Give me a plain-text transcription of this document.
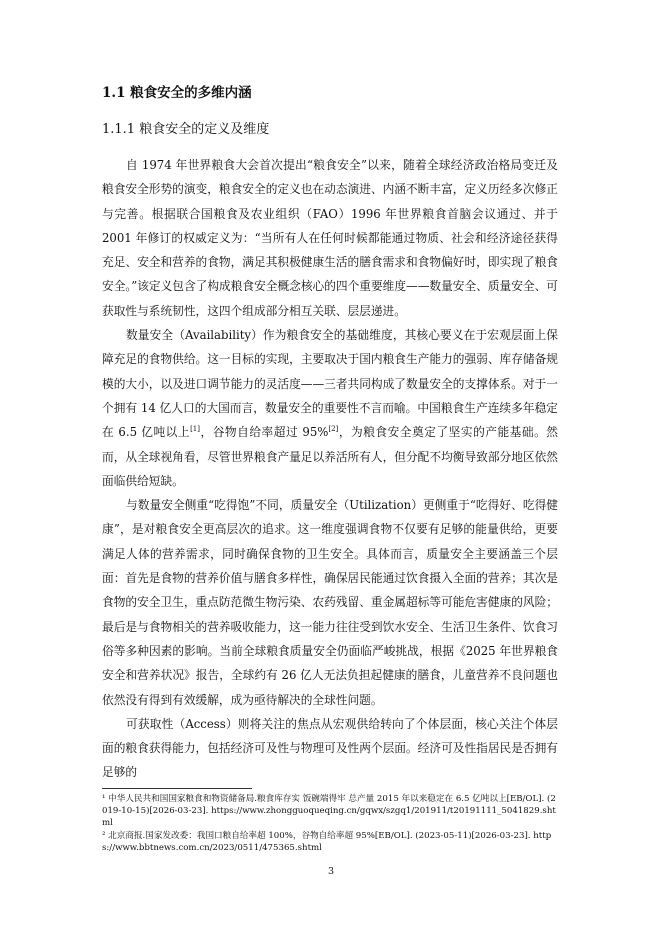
1.1 粮食安全的多维内涵
1.1.1 粮食安全的定义及维度

自 1974 年世界粮食大会首次提出“粮食安全”以来，随着全球经济政治格局变迁及粮食安全形势的演变，粮食安全的定义也在动态演进、内涵不断丰富，定义历经多次修正与完善。根据联合国粮食及农业组织（FAO）1996 年世界粮食首脑会议通过、并于 2001 年修订的权威定义为：“当所有人在任何时候都能通过物质、社会和经济途径获得充足、安全和营养的食物，满足其积极健康生活的膳食需求和食物偏好时，即实现了粮食安全。”该定义包含了构成粮食安全概念核心的四个重要维度——数量安全、质量安全、可获取性与系统韧性，这四个组成部分相互关联、层层递进。

数量安全（Availability）作为粮食安全的基础维度，其核心要义在于宏观层面上保障充足的食物供给。这一目标的实现，主要取决于国内粮食生产能力的强弱、库存储备规模的大小，以及进口调节能力的灵活度——三者共同构成了数量安全的支撑体系。对于一个拥有 14 亿人口的大国而言，数量安全的重要性不言而喻。中国粮食生产连续多年稳定在 6.5 亿吨以上[1]，谷物自给率超过 95%[2]，为粮食安全奠定了坚实的产能基础。然而，从全球视角看，尽管世界粮食产量足以养活所有人，但分配不均衡导致部分地区依然面临供给短缺。

与数量安全侧重“吃得饱”不同，质量安全（Utilization）更侧重于“吃得好、吃得健康”，是对粮食安全更高层次的追求。这一维度强调食物不仅要有足够的能量供给，更要满足人体的营养需求，同时确保食物的卫生安全。具体而言，质量安全主要涵盖三个层面：首先是食物的营养价值与膳食多样性，确保居民能通过饮食摄入全面的营养；其次是食物的安全卫生，重点防范微生物污染、农药残留、重金属超标等可能危害健康的风险；最后是与食物相关的营养吸收能力，这一能力往往受到饮水安全、生活卫生条件、饮食习俗等多种因素的影响。当前全球粮食质量安全仍面临严峻挑战，根据《2025 年世界粮食安全和营养状况》报告，全球约有 26 亿人无法负担起健康的膳食，儿童营养不良问题也依然没有得到有效缓解，成为亟待解决的全球性问题。

可获取性（Access）则将关注的焦点从宏观供给转向了个体层面，核心关注个体层面的粮食获得能力，包括经济可及性与物理可及性两个层面。经济可及性指居民是否拥有足够的

¹ 中华人民共和国国家粮食和物资储备局.粮食库存实 饭碗端得牢 总产量 2015 年以来稳定在 6.5 亿吨以上[EB/OL]. (2019-10-15)[2026-03-23]. https://www.zhongguoqueqing.cn/gqwx/szgq1/201911/t20191111_5041829.shtml

² 北京商报.国家发改委：我国口粮自给率超 100%，谷物自给率超 95%[EB/OL]. (2023-05-11)[2026-03-23]. https://www.bbtnews.com.cn/2023/0511/475365.shtml

3
